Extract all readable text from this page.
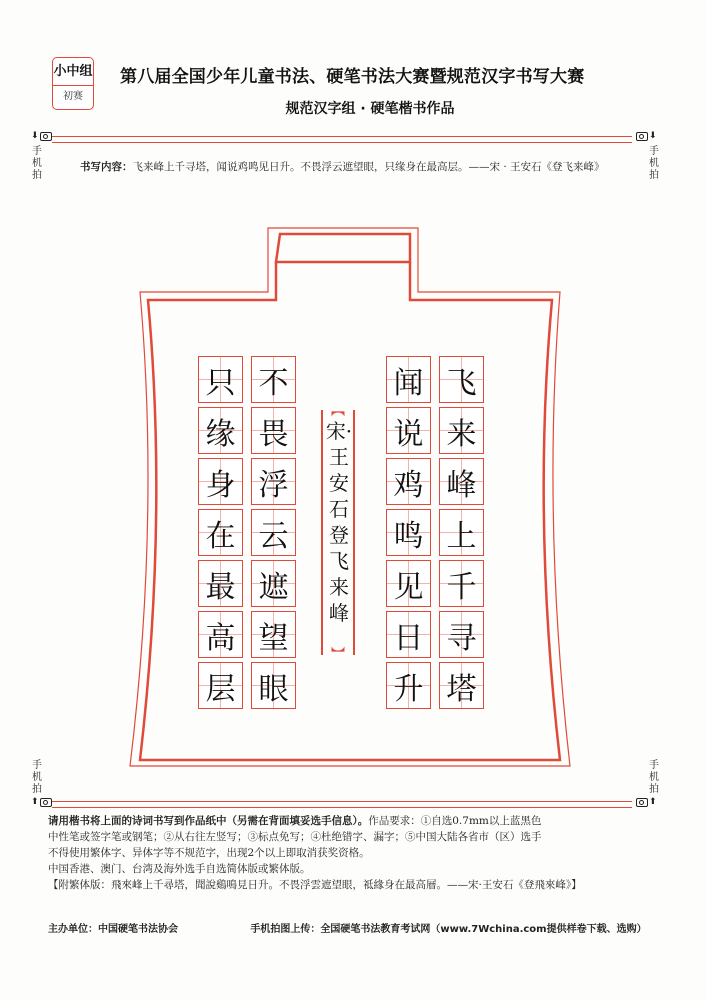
小中组
初赛
第八届全国少年儿童书法、硬笔书法大赛暨规范汉字书写大赛
规范汉字组 · 硬笔楷书作品
⬇
手机拍
⬇
手机拍
书写内容：飞来峰上千寻塔，闻说鸡鸣见日升。不畏浮云遮望眼，只缘身在最高层。——宋 · 王安石《登飞来峰》
只
缘
身
在
最
高
层
不
畏
浮
云
遮
望
眼
︻
宋·王安石登飞来峰
︼
闻
说
鸡
鸣
见
日
升
飞
来
峰
上
千
寻
塔
手机拍
⬆
手机拍
⬆
请用楷书将上面的诗词书写到作品纸中（另需在背面填妥选手信息）。作品要求：①自选0.7mm以上蓝黑色
中性笔或签字笔或钢笔；②从右往左竖写；③标点免写；④杜绝错字、漏字；⑤中国大陆各省市（区）选手
不得使用繁体字、异体字等不规范字，出现2个以上即取消获奖资格。
中国香港、澳门、台湾及海外选手自选简体版或繁体版。
【附繁体版：飛來峰上千尋塔，聞說鷄鳴見日升。不畏浮雲遮望眼，祗緣身在最高層。——宋·王安石《登飛來峰》】
主办单位：中国硬笔书法协会	手机拍图上传：全国硬笔书法教育考试网（www.7Wchina.com提供样卷下载、选购）
